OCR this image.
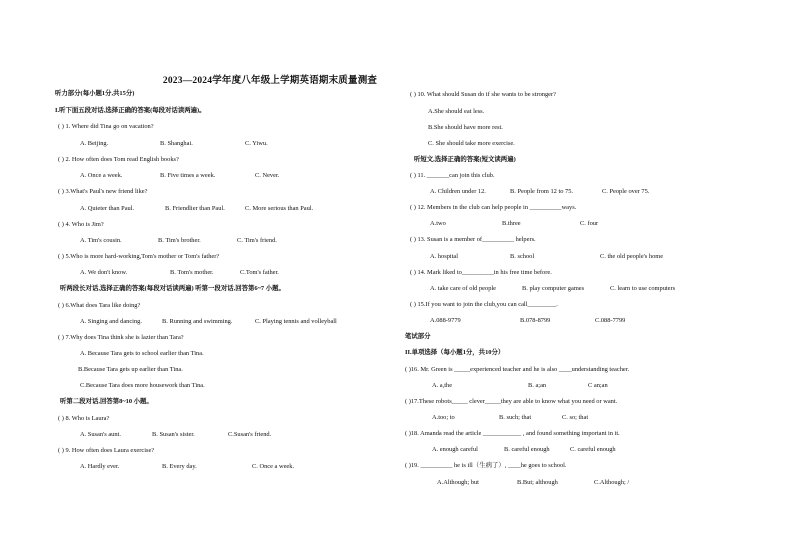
2023—2024学年度八年级上学期英语期末质量测查
听力部分(每小题1分,共15分)
I.听下面五段对话,选择正确的答案(每段对话读两遍)。
( ) 1. Where did Tina go on vacation?
A. Beijing.	B. Shanghai.	C. Yiwu.
( ) 2. How often does Tom read English books?
A. Once a week.	B. Five times a week.	C. Never.
( ) 3.What's Paul's new friend like?
A. Quieter than Paul.	B. Friendlier than Paul.	C. More serious than Paul.
( ) 4. Who is Jim?
A. Tim's cousin.	B. Tim's brother.	C. Tim's friend.
( ) 5.Who is more hard-working,Tom's mother or Tom's father?
A. We don't know.	B. Tom's mother.	C.Tom's father.
听两段长对话,选择正确的答案(每段对话读两遍) 听第一段对话,回答第6~7 小题。
( ) 6.What does Tara like doing?
A. Singing and dancing.	B. Running and swimming.	C. Playing tennis and volleyball
( ) 7.Why does Tina think she is lazier than Tara?
A. Because Tara gets to school earlier than Tina.
B.Because Tara gets up earlier than Tina.
C.Because Tara does more housework than Tina.
听第二段对话,回答第8~10 小题。
( ) 8. Who is Laura?
A. Susan's aunt.	B. Susan's sister.	C.Susan's friend.
( ) 9. How often does Laura exercise?
A. Hardly ever.	B. Every day.	C. Once a week.
( ) 10. What should Susan do if she wants to be stronger?
A.She should eat less.
B.She should have more rest.
C. She should take more exercise.
听短文,选择正确的答案(短文读两遍)
( ) 11. _______can join this club.
A. Children under 12.	B. People from 12 to 75.	C. People over 75.
( ) 12. Members in the club can help people in __________ways.
A.two	B.three	C. four
( ) 13. Susan is a member of__________ helpers.
A. hospital	B. school	C. the old people's home
( ) 14. Mark liked to__________in his free time before.
A. take care of old people	B. play computer games	C. learn to use computers
( ) 15.If you want to join the club,you can call_________.
A.088-9779	B.078-8799	C.088-7799
笔试部分
II.单项选择（每小题1分，共10分）
( )16. Mr. Green is _____experienced teacher and he is also ____understanding teacher.
A. a,the	B. a;an	C an;an
( )17.These robots_____ clever_____they are able to know what you need or want.
A.too; to	B. such; that	C. so; that
( )18. Amanda read the article ____________ , and found something important in it.
A. enough careful	B. careful enough	C. careful enough
( )19. __________ he is ill（生病了）, ____he goes to school.
A.Although; but	B.But; although	C.Although; /
